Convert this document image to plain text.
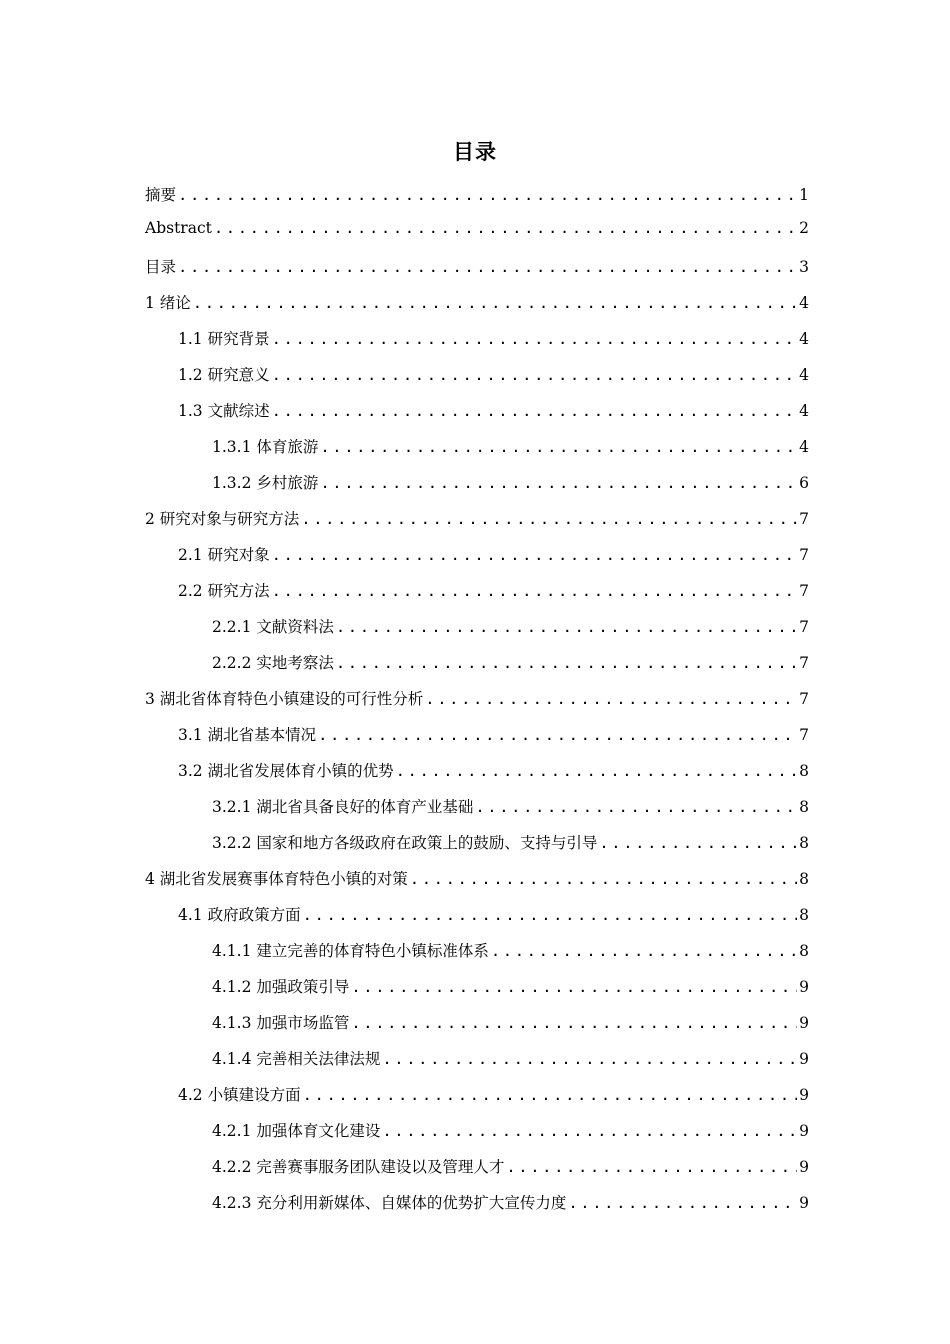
目录
摘要 .....	1
Abstract .....	2
目录 .....	3
1 绪论 .....	4
1.1 研究背景 .....	4
1.2 研究意义 .....	4
1.3 文献综述 .....	4
1.3.1 体育旅游 .....	4
1.3.2 乡村旅游 .....	6
2 研究对象与研究方法 .....	7
2.1 研究对象 .....	7
2.2 研究方法 .....	7
2.2.1 文献资料法 .....	7
2.2.2 实地考察法 .....	7
3 湖北省体育特色小镇建设的可行性分析 .....	7
3.1 湖北省基本情况 .....	7
3.2 湖北省发展体育小镇的优势 .....	8
3.2.1 湖北省具备良好的体育产业基础 .....	8
3.2.2 国家和地方各级政府在政策上的鼓励、支持与引导 .....	8
4 湖北省发展赛事体育特色小镇的对策 .....	8
4.1 政府政策方面 .....	8
4.1.1 建立完善的体育特色小镇标准体系 .....	8
4.1.2 加强政策引导 .....	9
4.1.3 加强市场监管 .....	9
4.1.4 完善相关法律法规 .....	9
4.2 小镇建设方面 .....	9
4.2.1 加强体育文化建设 .....	9
4.2.2 完善赛事服务团队建设以及管理人才 .....	9
4.2.3 充分利用新媒体、自媒体的优势扩大宣传力度 .....	9
